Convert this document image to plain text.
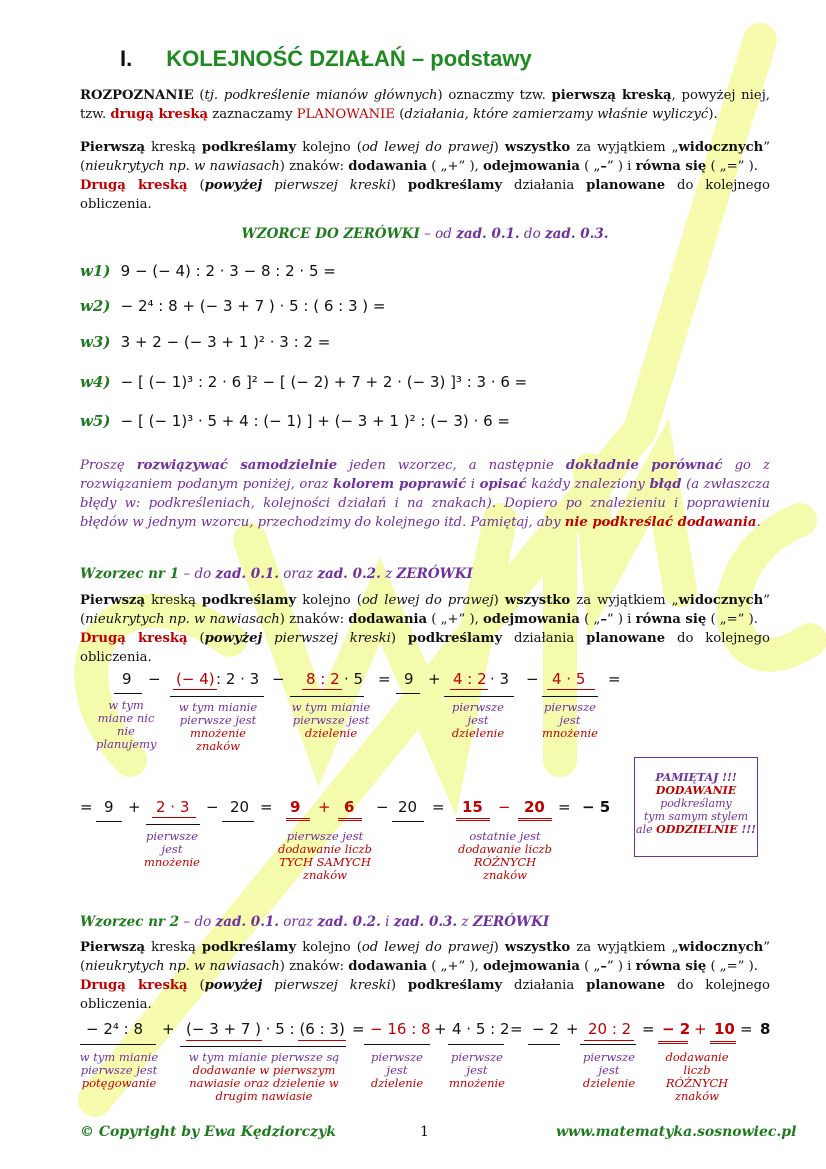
I. KOLEJNOŚĆ DZIAŁAŃ – podstawy
ROZPOZNANIE (tj. podkreślenie mianów głównych) oznaczmy tzw. pierwszą kreską, powyżej niej, tzw. drugą kreską zaznaczamy PLANOWANIE (działania, które zamierzamy właśnie wyliczyć).
Pierwszą kreską podkreślamy kolejno (od lewej do prawej) wszystko za wyjątkiem „widocznych” (nieukrytych np. w nawiasach) znaków: dodawania ( „+” ), odejmowania ( „–” ) i równa się ( „=” ).
Drugą kreską (powyżej pierwszej kreski) podkreślamy działania planowane do kolejnego obliczenia.
WZORCE DO ZERÓWKI – od zad. 0.1. do zad. 0.3.
w1) 9 − (− 4) : 2 · 3 − 8 : 2 · 5 =
w2) − 2⁴ : 8 + (− 3 + 7 ) · 5 : ( 6 : 3 ) =
w3) 3 + 2 − (− 3 + 1 )² · 3 : 2 =
w4) − [ (− 1)³ : 2 · 6 ]² − [ (− 2) + 7 + 2 · (− 3) ]³ : 3 · 6 =
w5) − [ (− 1)³ · 5 + 4 : (− 1) ] + (− 3 + 1 )² : (− 3) · 6 =
Proszę rozwiązywać samodzielnie jeden wzorzec, a następnie dokładnie porównać go z rozwiązaniem podanym poniżej, oraz kolorem poprawić i opisać każdy znaleziony błąd (a zwłaszcza błędy w: podkreśleniach, kolejności działań i na znakach). Dopiero po znalezieniu i poprawieniu błędów w jednym wzorcu, przechodzimy do kolejnego itd. Pamiętaj, aby nie podkreślać dodawania.
Wzorzec nr 1 – do zad. 0.1. oraz zad. 0.2. z ZERÓWKI
Pierwszą kreską podkreślamy kolejno (od lewej do prawej) wszystko za wyjątkiem „widocznych” (nieukrytych np. w nawiasach) znaków: dodawania ( „+” ), odejmowania ( „–” ) i równa się ( „=” ).
Drugą kreską (powyżej pierwszej kreski) podkreślamy działania planowane do kolejnego obliczenia.
9 − (− 4) : 2 · 3 − 8 : 2 · 5 = 9 + 4 : 2 · 3 − 4 · 5 =
w tym miane nic nie planujemy
w tym mianie pierwsze jest
mnożenie znaków
w tym mianie pierwsze jest
dzielenie
pierwsze jest
dzielenie
pierwsze jest
mnożenie
= 9 + 2 · 3 − 20 = 9 + 6 − 20 = 15 − 20 = − 5
pierwsze jest
mnożenie
pierwsze jest
dodawanie liczb TYCH SAMYCH znaków
ostatnie jest
dodawanie liczb RÓŻNYCH znaków
PAMIĘTAJ !!!
DODAWANIE
podkreślamy
tym samym stylem
ale ODDZIELNIE !!!
Wzorzec nr 2 – do zad. 0.1. oraz zad. 0.2. i zad. 0.3. z ZERÓWKI
Pierwszą kreską podkreślamy kolejno (od lewej do prawej) wszystko za wyjątkiem „widocznych” (nieukrytych np. w nawiasach) znaków: dodawania ( „+” ), odejmowania ( „–” ) i równa się ( „=” ).
Drugą kreską (powyżej pierwszej kreski) podkreślamy działania planowane do kolejnego obliczenia.
− 2⁴ : 8 + (− 3 + 7 ) · 5 : (6 : 3) = − 16 : 8 + 4 · 5 : 2 = − 2 + 20 : 2 = − 2 + 10 = 8
w tym mianie pierwsze jest
potęgowanie
w tym mianie pierwsze są
dodawanie w pierwszym nawiasie oraz dzielenie w drugim nawiasie
pierwsze jest
dzielenie
pierwsze jest
mnożenie
pierwsze jest
dzielenie
dodawanie liczb RÓŻNYCH znaków
© Copyright by Ewa Kędziorczyk	1	www.matematyka.sosnowiec.pl
